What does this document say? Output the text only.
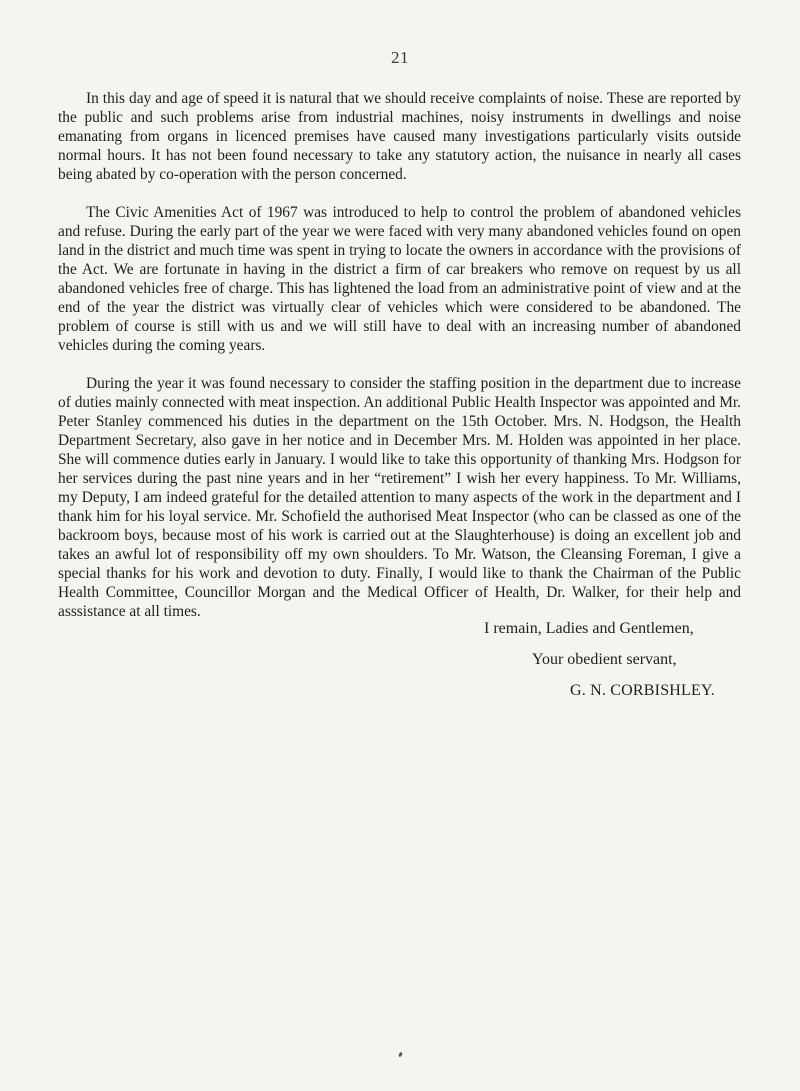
21

In this day and age of speed it is natural that we should receive complaints of noise. These are reported by the public and such problems arise from industrial machines, noisy instruments in dwellings and noise emanating from organs in licenced premises have caused many investigations particularly visits outside normal hours. It has not been found necessary to take any statutory action, the nuisance in nearly all cases being abated by co-operation with the person concerned.

The Civic Amenities Act of 1967 was introduced to help to control the problem of abandoned vehicles and refuse. During the early part of the year we were faced with very many abandoned vehicles found on open land in the district and much time was spent in trying to locate the owners in accordance with the provisions of the Act. We are fortunate in having in the district a firm of car breakers who remove on request by us all abandoned vehicles free of charge. This has lightened the load from an administrative point of view and at the end of the year the district was virtually clear of vehicles which were considered to be abandoned. The problem of course is still with us and we will still have to deal with an increasing number of abandoned vehicles during the coming years.

During the year it was found necessary to consider the staffing position in the department due to increase of duties mainly connected with meat inspection. An additional Public Health Inspector was appointed and Mr. Peter Stanley commenced his duties in the department on the 15th October. Mrs. N. Hodgson, the Health Department Secretary, also gave in her notice and in December Mrs. M. Holden was appointed in her place. She will commence duties early in January. I would like to take this opportunity of thanking Mrs. Hodgson for her services during the past nine years and in her “retirement” I wish her every happiness. To Mr. Williams, my Deputy, I am indeed grateful for the detailed attention to many aspects of the work in the department and I thank him for his loyal service. Mr. Schofield the authorised Meat Inspector (who can be classed as one of the backroom boys, because most of his work is carried out at the Slaughterhouse) is doing an excellent job and takes an awful lot of responsibility off my own shoulders. To Mr. Watson, the Cleansing Foreman, I give a special thanks for his work and devotion to duty. Finally, I would like to thank the Chairman of the Public Health Committee, Councillor Morgan and the Medical Officer of Health, Dr. Walker, for their help and asssistance at all times.

I remain, Ladies and Gentlemen,
Your obedient servant,
G. N. CORBISHLEY.
